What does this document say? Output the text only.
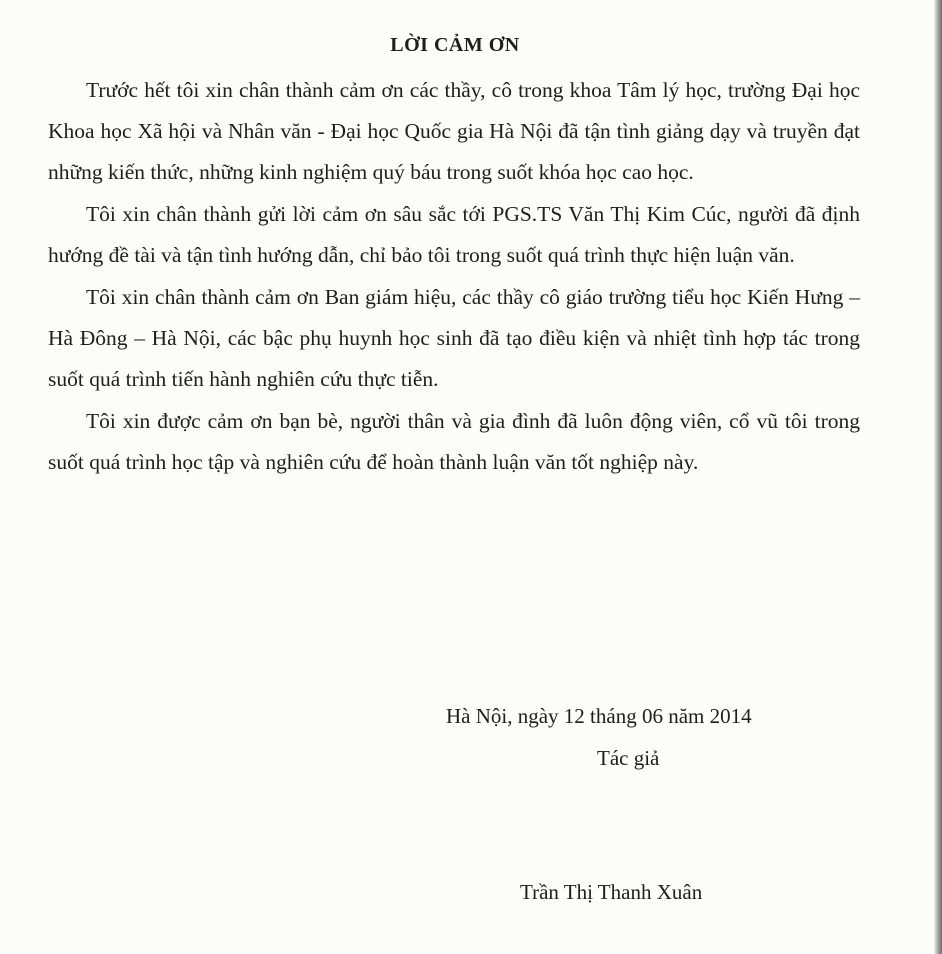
LỜI CẢM ƠN

Trước hết tôi xin chân thành cảm ơn các thầy, cô trong khoa Tâm lý học, trường Đại học Khoa học Xã hội và Nhân văn - Đại học Quốc gia Hà Nội đã tận tình giảng dạy và truyền đạt những kiến thức, những kinh nghiệm quý báu trong suốt khóa học cao học.

Tôi xin chân thành gửi lời cảm ơn sâu sắc tới PGS.TS Văn Thị Kim Cúc, người đã định hướng đề tài và tận tình hướng dẫn, chỉ bảo tôi trong suốt quá trình thực hiện luận văn.

Tôi xin chân thành cảm ơn Ban giám hiệu, các thầy cô giáo trường tiểu học Kiến Hưng – Hà Đông – Hà Nội, các bậc phụ huynh học sinh đã tạo điều kiện và nhiệt tình hợp tác trong suốt quá trình tiến hành nghiên cứu thực tiễn.

Tôi xin được cảm ơn bạn bè, người thân và gia đình đã luôn động viên, cổ vũ tôi trong suốt quá trình học tập và nghiên cứu để hoàn thành luận văn tốt nghiệp này.

Hà Nội, ngày 12 tháng 06 năm 2014

Tác giả

Trần Thị Thanh Xuân
